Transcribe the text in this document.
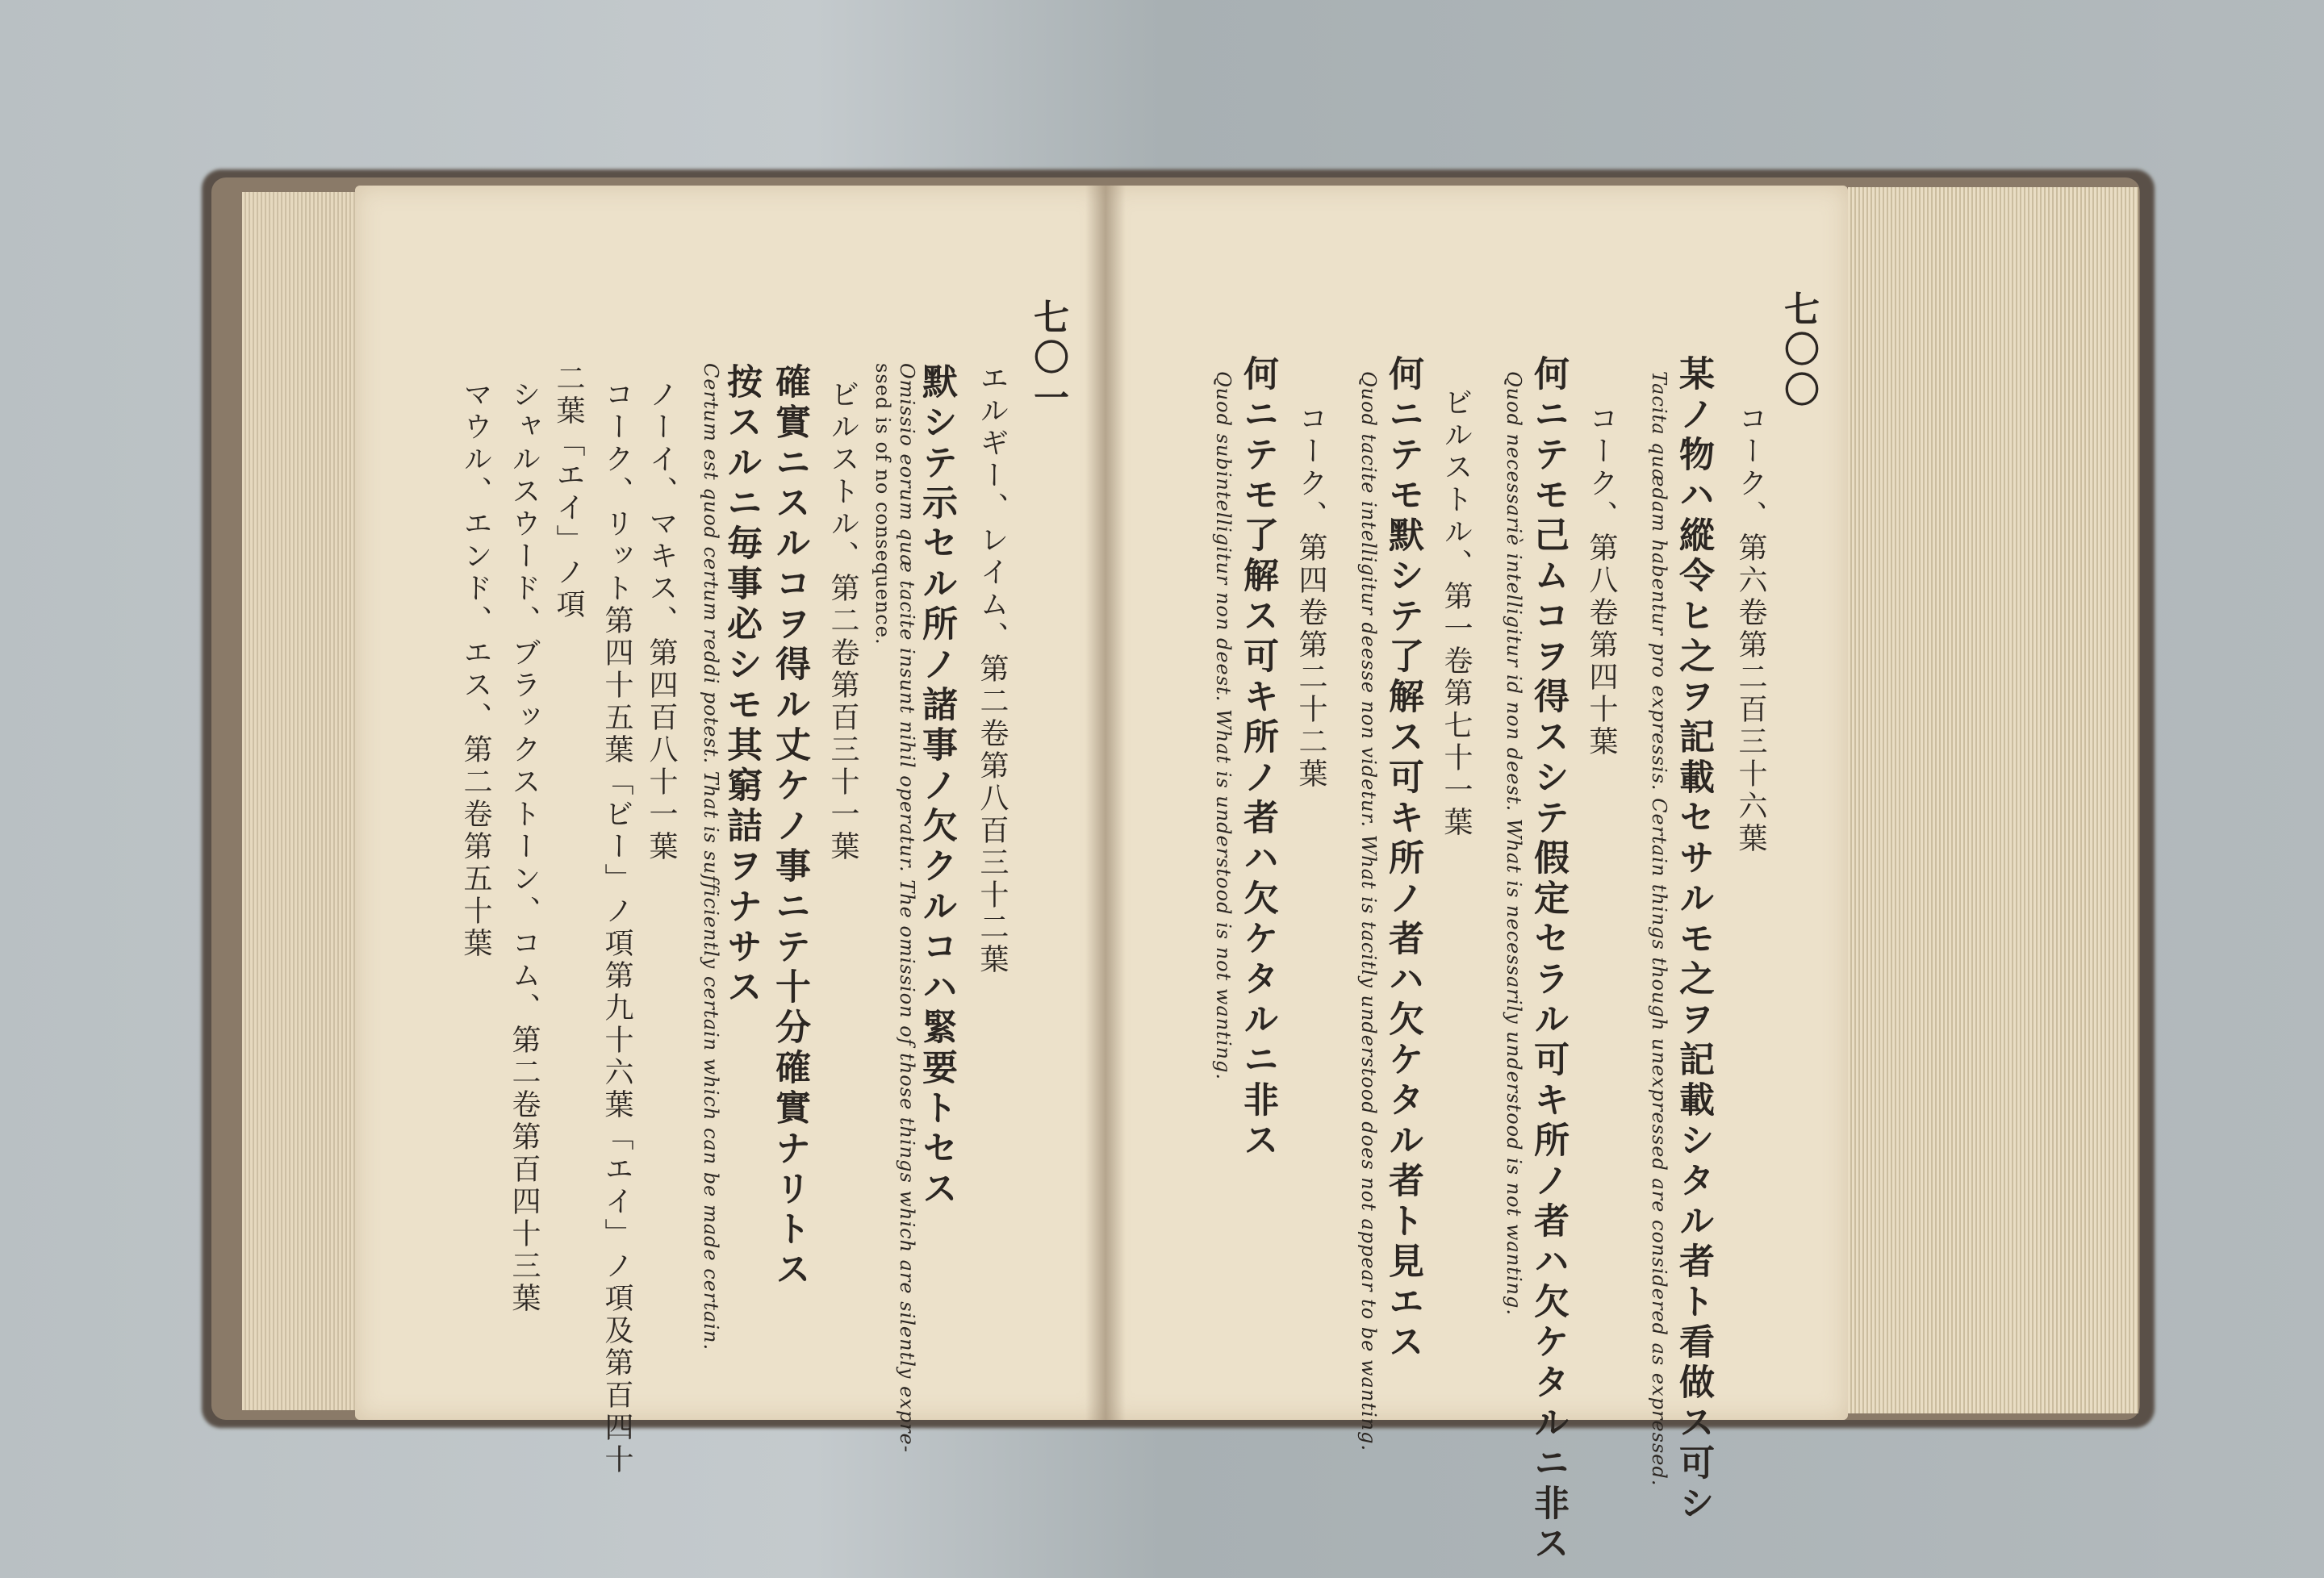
七〇一
エルギー、レイム、第二卷第八百三十二葉
默シテ示セル所ノ諸事ノ欠クルコハ緊要トセス
Omissio eorum quæ tacite insunt nihil operatur. The omission of those things which are silently expre-
ssed is of no consequence.
ビルストル、第二卷第百三十一葉
確實ニスルコヲ得ル丈ケノ事ニテ十分確實ナリトス
按スルニ毎事必シモ其窮詰ヲナサス
Certum est quod certum reddi potest. That is sufficiently certain which can be made certain.
ノーイ、マキス、第四百八十一葉
コーク、リット第四十五葉「ビー」ノ項第九十六葉「エイ」ノ項及第百四十
二葉「エイ」ノ項
シャルスウード、ブラックストーン、コム、第二卷第百四十三葉
マウル、エンド、エス、第二卷第五十葉
七〇〇
コーク、第六卷第二百三十六葉
某ノ物ハ縱令ヒ之ヲ記載セサルモ之ヲ記載シタル者ト看做ス可シ
Tacita quædam habentur pro expressis. Certain things though unexpressed are considered as expressed.
コーク、第八卷第四十葉
何ニテモ己ムコヲ得スシテ假定セラル可キ所ノ者ハ欠ケタルニ非ス
Quod necessariè intelligitur id non deest. What is necessarily understood is not wanting.
ビルストル、第一卷第七十一葉
何ニテモ默シテ了解ス可キ所ノ者ハ欠ケタル者ト見エス
Quod tacite intelligitur deesse non videtur. What is tacitly understood does not appear to be wanting.
コーク、第四卷第二十二葉
何ニテモ了解ス可キ所ノ者ハ欠ケタルニ非ス
Quod subintelligitur non deest. What is understood is not wanting.
